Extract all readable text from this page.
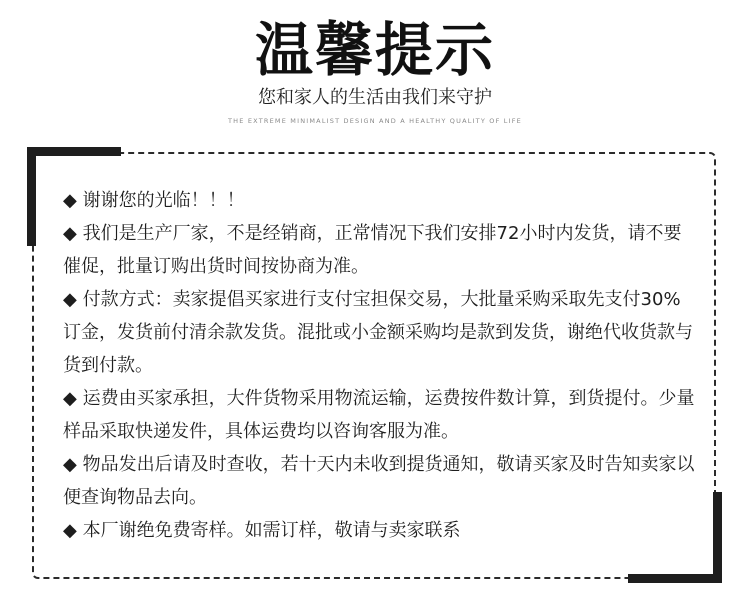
温馨提示
您和家人的生活由我们来守护
THE EXTREME MINIMALIST DESIGN AND A HEALTHY QUALITY OF LIFE

◆ 谢谢您的光临！！！

◆ 我们是生产厂家，不是经销商，正常情况下我们安排72小时内发货，请不要催促，批量订购出货时间按协商为准。

◆ 付款方式：卖家提倡买家进行支付宝担保交易，大批量采购采取先支付30%订金，发货前付清余款发货。混批或小金额采购均是款到发货，谢绝代收货款与货到付款。

◆ 运费由买家承担，大件货物采用物流运输，运费按件数计算，到货提付。少量样品采取快递发件，具体运费均以咨询客服为准。

◆ 物品发出后请及时查收，若十天内未收到提货通知，敬请买家及时告知卖家以便查询物品去向。

◆ 本厂谢绝免费寄样。如需订样，敬请与卖家联系
